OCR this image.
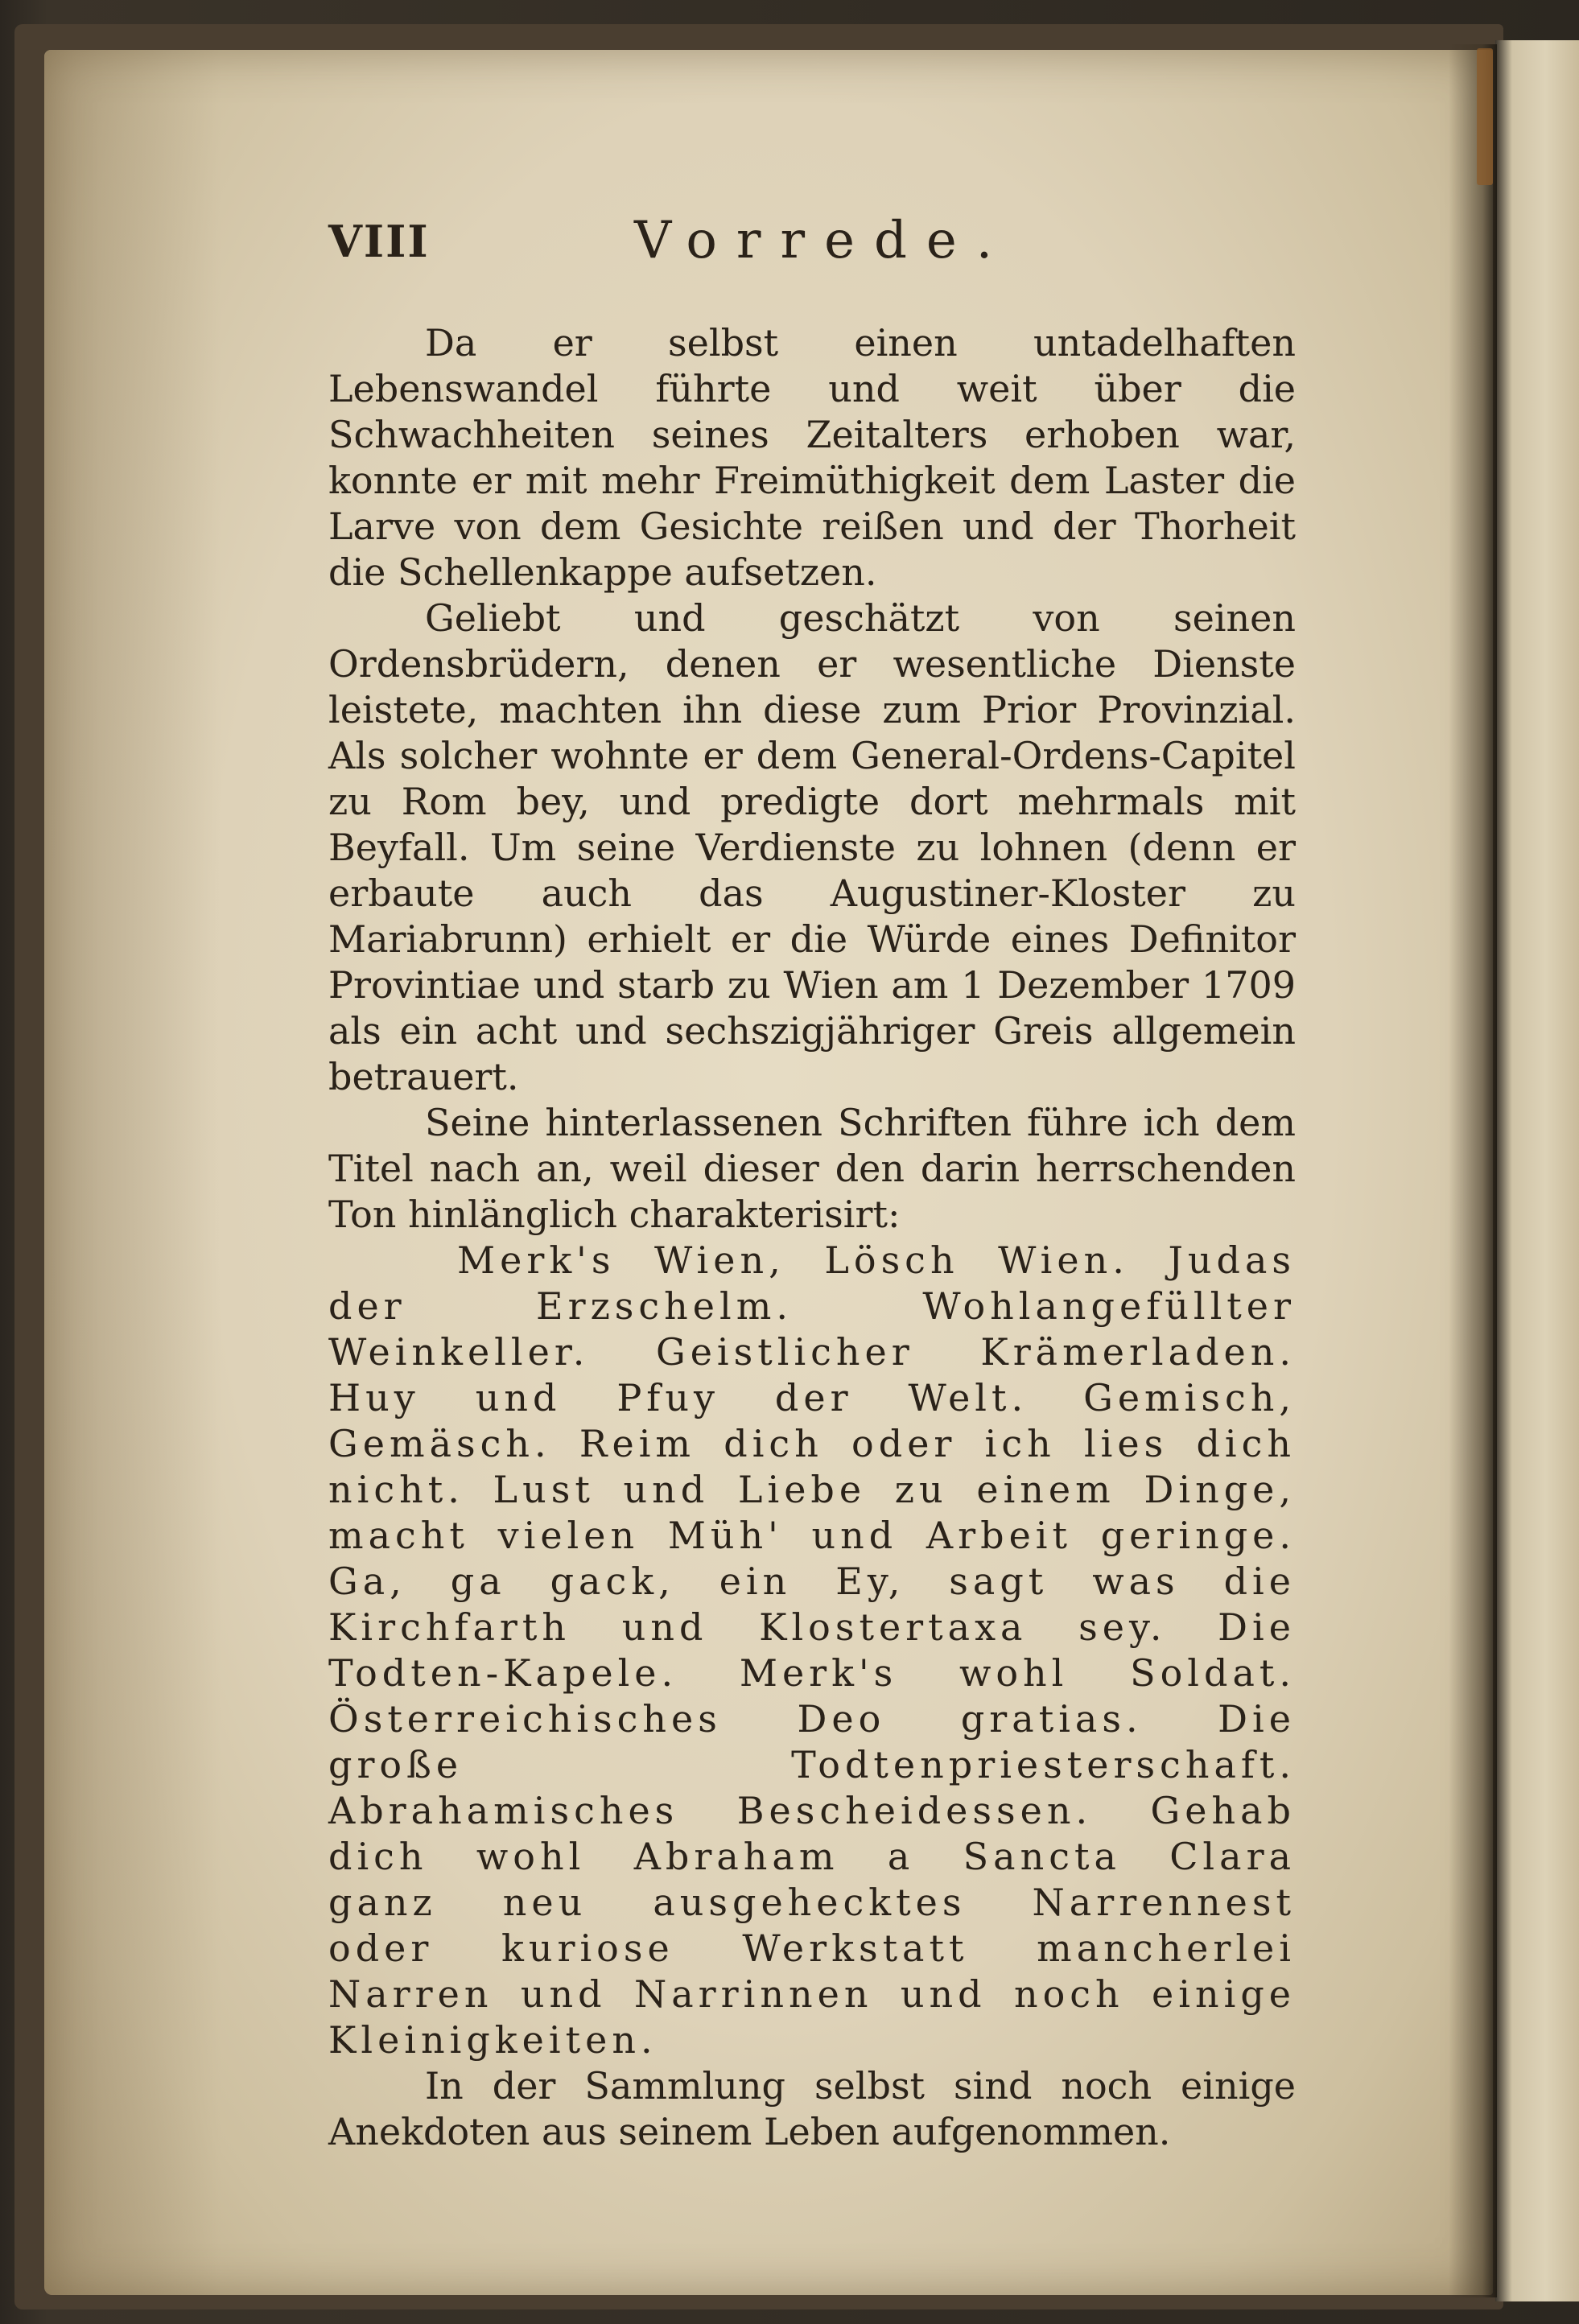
VIII	Vorrede.

Da er selbst einen untadelhaften Lebenswandel führte und weit über die Schwachheiten seines Zeitalters erhoben war, konnte er mit mehr Freimüthigkeit dem Laster die Larve von dem Gesichte reißen und der Thorheit die Schellenkappe aufsetzen.

Geliebt und geschätzt von seinen Ordensbrüdern, denen er wesentliche Dienste leistete, machten ihn diese zum Prior Provinzial. Als solcher wohnte er dem General-Ordens-Capitel zu Rom bey, und predigte dort mehrmals mit Beyfall. Um seine Verdienste zu lohnen (denn er erbaute auch das Augustiner-Kloster zu Mariabrunn) erhielt er die Würde eines Definitor Provintiae und starb zu Wien am 1 Dezember 1709 als ein acht und sechszigjähriger Greis allgemein betrauert.

Seine hinterlassenen Schriften führe ich dem Titel nach an, weil dieser den darin herrschenden Ton hinlänglich charakterisirt:

Merk's Wien, Lösch Wien. Judas der Erzschelm. Wohlangefüllter Weinkeller. Geistlicher Krämerladen. Huy und Pfuy der Welt. Gemisch, Gemäsch. Reim dich oder ich lies dich nicht. Lust und Liebe zu einem Dinge, macht vielen Müh' und Arbeit geringe. Ga, ga gack, ein Ey, sagt was die Kirchfarth und Klostertaxa sey. Die Todten-Kapele. Merk's wohl Soldat. Österreichisches Deo gratias. Die große Todtenpriesterschaft. Abrahamisches Bescheidessen. Gehab dich wohl Abraham a Sancta Clara ganz neu ausgehecktes Narrennest oder kuriose Werkstatt mancherlei Narren und Narrinnen und noch einige Kleinigkeiten.

In der Sammlung selbst sind noch einige Anekdoten aus seinem Leben aufgenommen.
